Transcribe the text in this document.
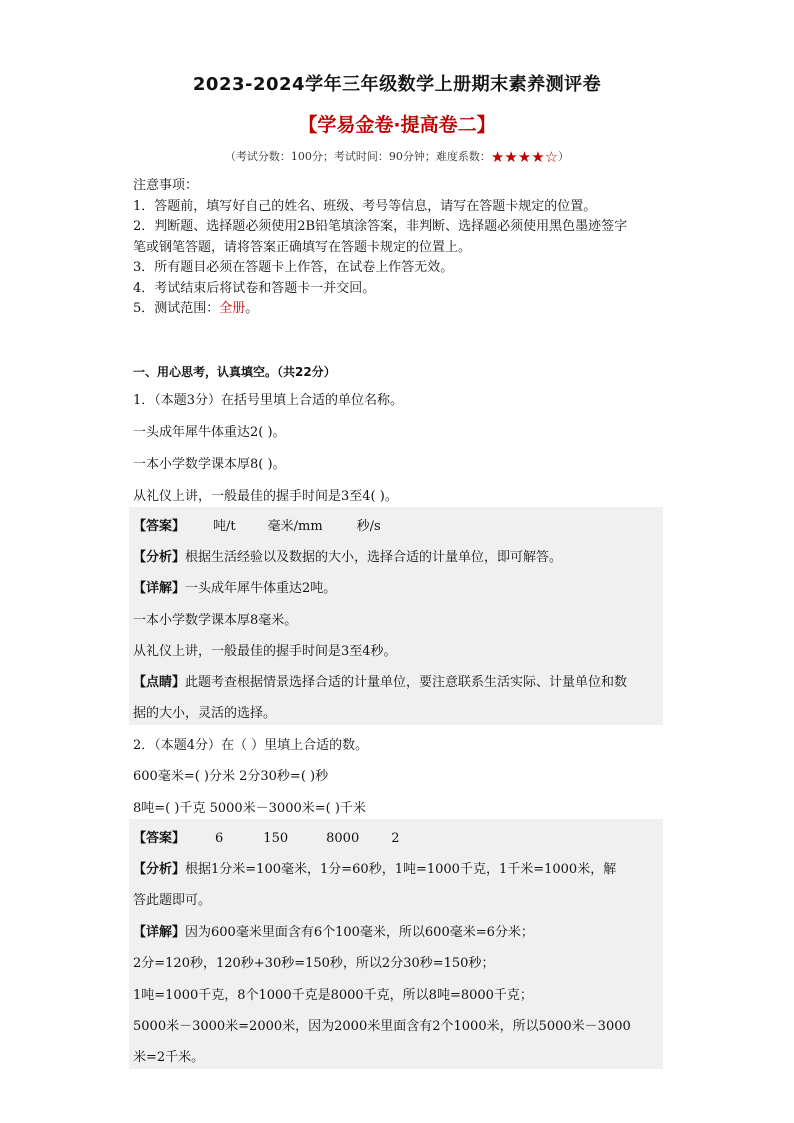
2023-2024学年三年级数学上册期末素养测评卷
【学易金卷·提高卷二】
（考试分数：100分；考试时间：90分钟；难度系数：★★★★☆）
注意事项：
1．答题前，填写好自己的姓名、班级、考号等信息，请写在答题卡规定的位置。
2．判断题、选择题必须使用2B铅笔填涂答案，非判断、选择题必须使用黑色墨迹签字
笔或钢笔答题，请将答案正确填写在答题卡规定的位置上。
3．所有题目必须在答题卡上作答，在试卷上作答无效。
4．考试结束后将试卷和答题卡一并交回。
5．测试范围：全册。
一、用心思考，认真填空。（共22分）
1．（本题3分）在括号里填上合适的单位名称。
一头成年犀牛体重达2( )。
一本小学数学课本厚8( )。
从礼仪上讲，一般最佳的握手时间是3至4( )。
【答案】 吨/t 毫米/mm	秒/s
【分析】根据生活经验以及数据的大小，选择合适的计量单位，即可解答。
【详解】一头成年犀牛体重达2吨。
一本小学数学课本厚8毫米。
从礼仪上讲，一般最佳的握手时间是3至4秒。
【点睛】此题考查根据情景选择合适的计量单位，要注意联系生活实际、计量单位和数
据的大小，灵活的选择。
2．（本题4分）在（ ）里填上合适的数。
600毫米=( )分米 2分30秒=( )秒
8吨=( )千克 5000米－3000米=( )千米
【答案】 6	150	8000 2
【分析】根据1分米=100毫米，1分=60秒，1吨=1000千克，1千米=1000米，解
答此题即可。
【详解】因为600毫米里面含有6个100毫米，所以600毫米=6分米；
2分=120秒，120秒+30秒=150秒，所以2分30秒=150秒；
1吨=1000千克，8个1000千克是8000千克，所以8吨=8000千克；
5000米－3000米=2000米，因为2000米里面含有2个1000米，所以5000米－3000
米=2千米。
